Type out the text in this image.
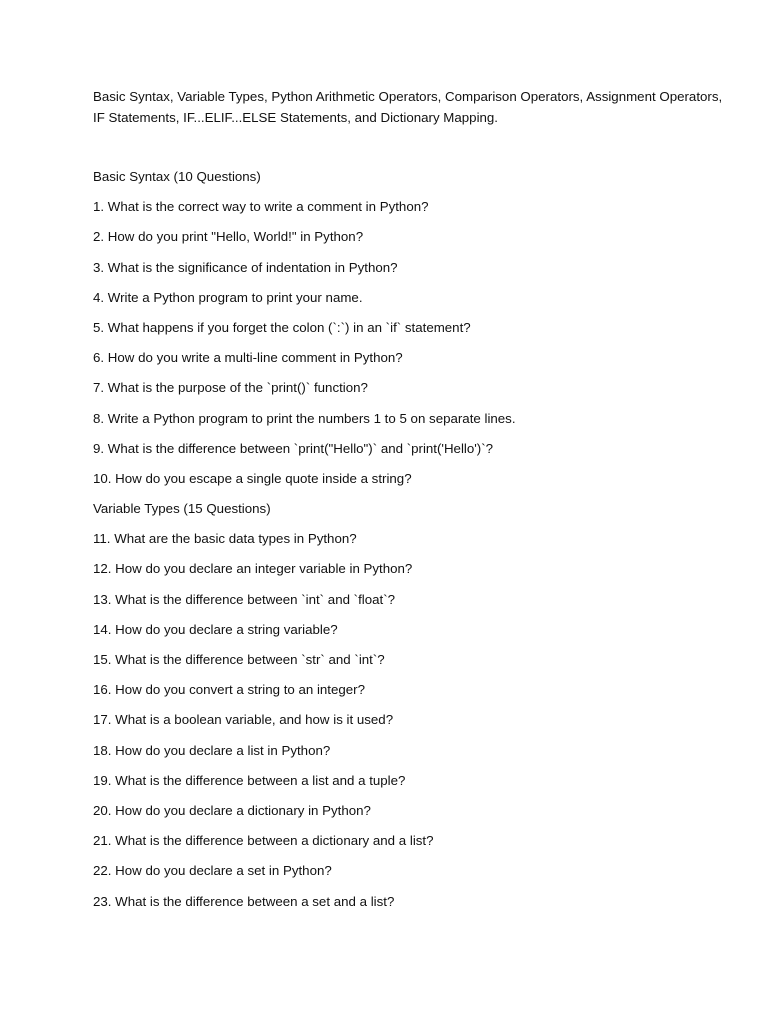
Basic Syntax, Variable Types, Python Arithmetic Operators, Comparison Operators, Assignment Operators, IF Statements, IF...ELIF...ELSE Statements, and Dictionary Mapping.

Basic Syntax (10 Questions)

1. What is the correct way to write a comment in Python?

2. How do you print "Hello, World!" in Python?

3. What is the significance of indentation in Python?

4. Write a Python program to print your name.

5. What happens if you forget the colon (`:`) in an `if` statement?

6. How do you write a multi-line comment in Python?

7. What is the purpose of the `print()` function?

8. Write a Python program to print the numbers 1 to 5 on separate lines.

9. What is the difference between `print("Hello")` and `print('Hello')`?

10. How do you escape a single quote inside a string?

Variable Types (15 Questions)

11. What are the basic data types in Python?

12. How do you declare an integer variable in Python?

13. What is the difference between `int` and `float`?

14. How do you declare a string variable?

15. What is the difference between `str` and `int`?

16. How do you convert a string to an integer?

17. What is a boolean variable, and how is it used?

18. How do you declare a list in Python?

19. What is the difference between a list and a tuple?

20. How do you declare a dictionary in Python?

21. What is the difference between a dictionary and a list?

22. How do you declare a set in Python?

23. What is the difference between a set and a list?
